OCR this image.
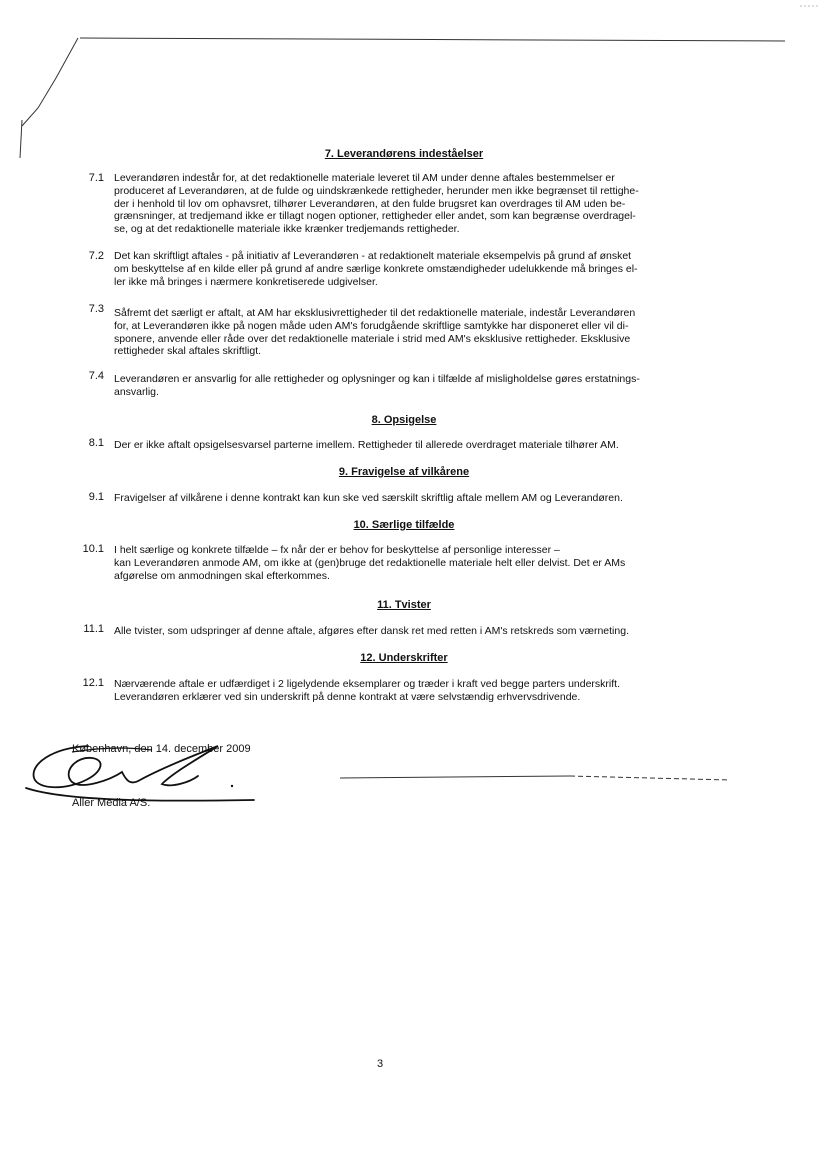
7. Leverandørens indeståelser
7.1 Leverandøren indestår for, at det redaktionelle materiale leveret til AM under denne aftales bestemmelser er
produceret af Leverandøren, at de fulde og uindskrænkede rettigheder, herunder men ikke begrænset til rettighe-
der i henhold til lov om ophavsret, tilhører Leverandøren, at den fulde brugsret kan overdrages til AM uden be-
grænsninger, at tredjemand ikke er tillagt nogen optioner, rettigheder eller andet, som kan begrænse overdragel-
se, og at det redaktionelle materiale ikke krænker tredjemands rettigheder.
7.2 Det kan skriftligt aftales - på initiativ af Leverandøren - at redaktionelt materiale eksempelvis på grund af ønsket
om beskyttelse af en kilde eller på grund af andre særlige konkrete omstændigheder udelukkende må bringes el-
ler ikke må bringes i nærmere konkretiserede udgivelser.
7.3 Såfremt det særligt er aftalt, at AM har eksklusivrettigheder til det redaktionelle materiale, indestår Leverandøren
for, at Leverandøren ikke på nogen måde uden AM's forudgående skriftlige samtykke har disponeret eller vil di-
sponere, anvende eller råde over det redaktionelle materiale i strid med AM's eksklusive rettigheder. Eksklusive
rettigheder skal aftales skriftligt.
7.4 Leverandøren er ansvarlig for alle rettigheder og oplysninger og kan i tilfælde af misligholdelse gøres erstatnings-
ansvarlig.
8. Opsigelse
8.1 Der er ikke aftalt opsigelsesvarsel parterne imellem. Rettigheder til allerede overdraget materiale tilhører AM.
9. Fravigelse af vilkårene
9.1 Fravigelser af vilkårene i denne kontrakt kan kun ske ved særskilt skriftlig aftale mellem AM og Leverandøren.
10. Særlige tilfælde
10.1 I helt særlige og konkrete tilfælde – fx når der er behov for beskyttelse af personlige interesser –
kan Leverandøren anmode AM, om ikke at (gen)bruge det redaktionelle materiale helt eller delvist. Det er AMs
afgørelse om anmodningen skal efterkommes.
11. Tvister
11.1 Alle tvister, som udspringer af denne aftale, afgøres efter dansk ret med retten i AM's retskreds som værneting.
12. Underskrifter
12.1 Nærværende aftale er udfærdiget i 2 ligelydende eksemplarer og træder i kraft ved begge parters underskrift.
Leverandøren erklærer ved sin underskrift på denne kontrakt at være selvstændig erhvervsdrivende.
København, den 14. december 2009
Aller Media A/S:
3
